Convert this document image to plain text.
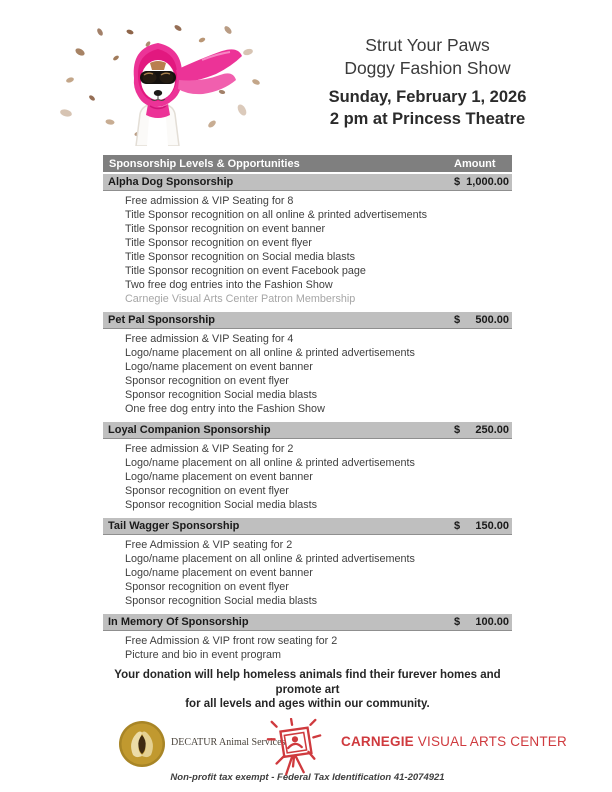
Strut Your Paws
Doggy Fashion Show
Sunday, February 1, 2026
2 pm at Princess Theatre
Sponsorship Levels & Opportunities	Amount
Alpha Dog Sponsorship	$ 1,000.00
Free admission & VIP Seating for 8
Title Sponsor recognition on all online & printed advertisements
Title Sponsor recognition on event banner
Title Sponsor recognition on event flyer
Title Sponsor recognition on Social media blasts
Title Sponsor recognition on event Facebook page
Two free dog entries into the Fashion Show
Carnegie Visual Arts Center Patron Membership
Pet Pal Sponsorship	$ 500.00
Free admission & VIP Seating for 4
Logo/name placement on all online & printed advertisements
Logo/name placement on event banner
Sponsor recognition on event flyer
Sponsor recognition Social media blasts
One free dog entry into the Fashion Show
Loyal Companion Sponsorship	$ 250.00
Free admission & VIP Seating for 2
Logo/name placement on all online & printed advertisements
Logo/name placement on event banner
Sponsor recognition on event flyer
Sponsor recognition Social media blasts
Tail Wagger Sponsorship	$ 150.00
Free Admission & VIP seating for 2
Logo/name placement on all online & printed advertisements
Logo/name placement on event banner
Sponsor recognition on event flyer
Sponsor recognition Social media blasts
In Memory Of Sponsorship	$ 100.00
Free Admission & VIP front row seating for 2
Picture and bio in event program
Your donation will help homeless animals find their furever homes and promote art
for all levels and ages within our community.
DECATUR Animal Services	CARNEGIE VISUAL ARTS CENTER
Non-profit tax exempt - Federal Tax Identification 41-2074921
